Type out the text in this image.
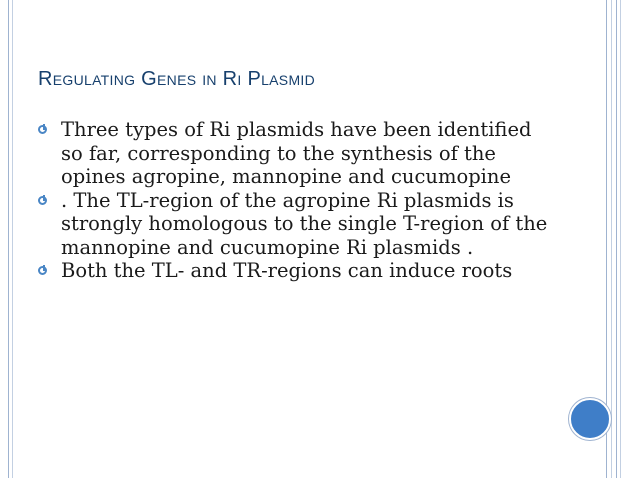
Regulating Genes in Ri Plasmid
Three types of Ri plasmids have been identified so far, corresponding to the synthesis of the opines agropine, mannopine and cucumopine
. The TL-region of the agropine Ri plasmids is strongly homologous to the single T-region of the mannopine and cucumopine Ri plasmids .
Both the TL- and TR-regions can induce roots
